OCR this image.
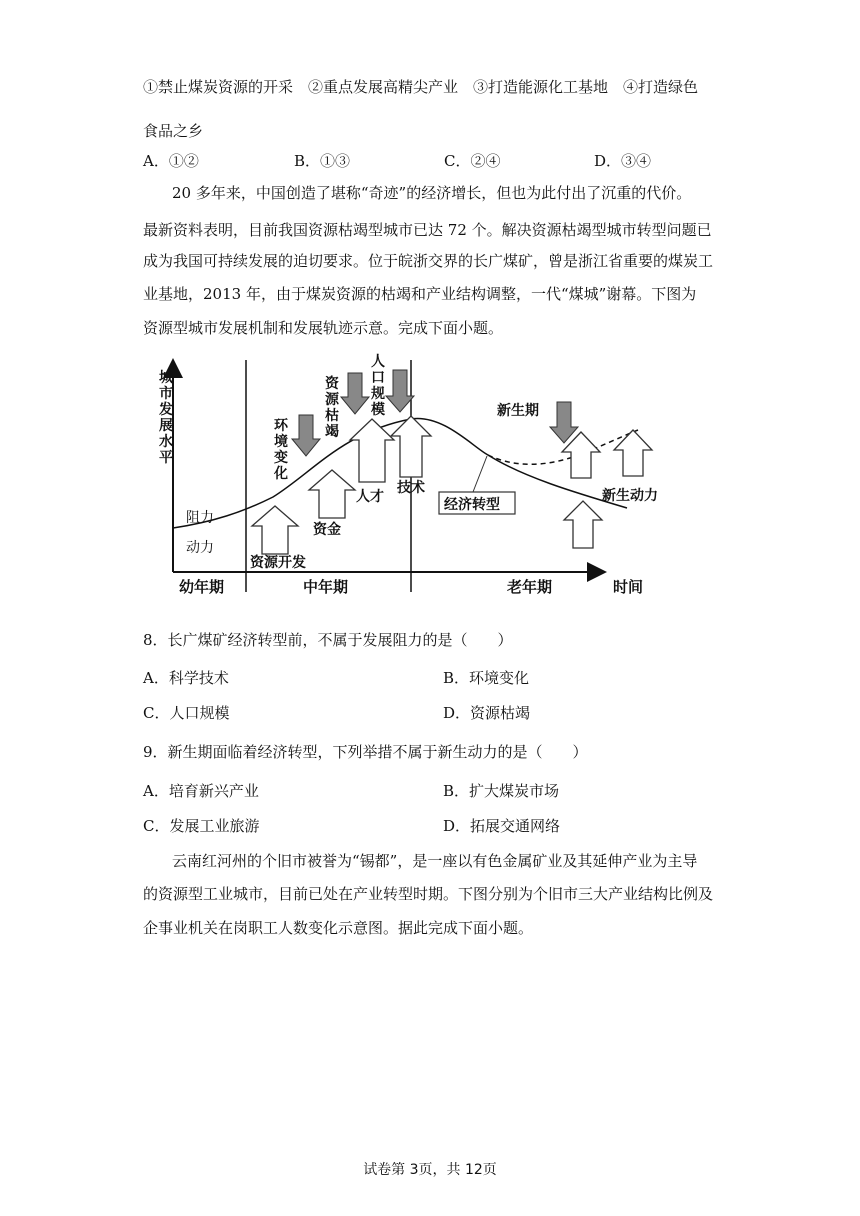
①禁止煤炭资源的开采　②重点发展高精尖产业　③打造能源化工基地　④打造绿色
食品之乡
A．①②	B．①③	C．②④	D．③④
20 多年来，中国创造了堪称“奇迹”的经济增长，但也为此付出了沉重的代价。
最新资料表明，目前我国资源枯竭型城市已达 72 个。解决资源枯竭型城市转型问题已
成为我国可持续发展的迫切要求。位于皖浙交界的长广煤矿，曾是浙江省重要的煤炭工
业基地，2013 年，由于煤炭资源的枯竭和产业结构调整，一代“煤城”谢幕。下图为
资源型城市发展机制和发展轨迹示意。完成下面小题。
城市发展水平
阻力
动力
资源开发
资金
人才
技术
环境变化
资源枯竭
人口规模	新生期
新生动力
经济转型
幼年期	中年期	老年期	时间
8．长广煤矿经济转型前，不属于发展阻力的是（　　）
A．科学技术	B．环境变化
C．人口规模	D．资源枯竭
9．新生期面临着经济转型，下列举措不属于新生动力的是（　　）
A．培育新兴产业	B．扩大煤炭市场
C．发展工业旅游	D．拓展交通网络
云南红河州的个旧市被誉为“锡都”，是一座以有色金属矿业及其延伸产业为主导
的资源型工业城市，目前已处在产业转型时期。下图分别为个旧市三大产业结构比例及
企事业机关在岗职工人数变化示意图。据此完成下面小题。
试卷第 3页，共 12页
